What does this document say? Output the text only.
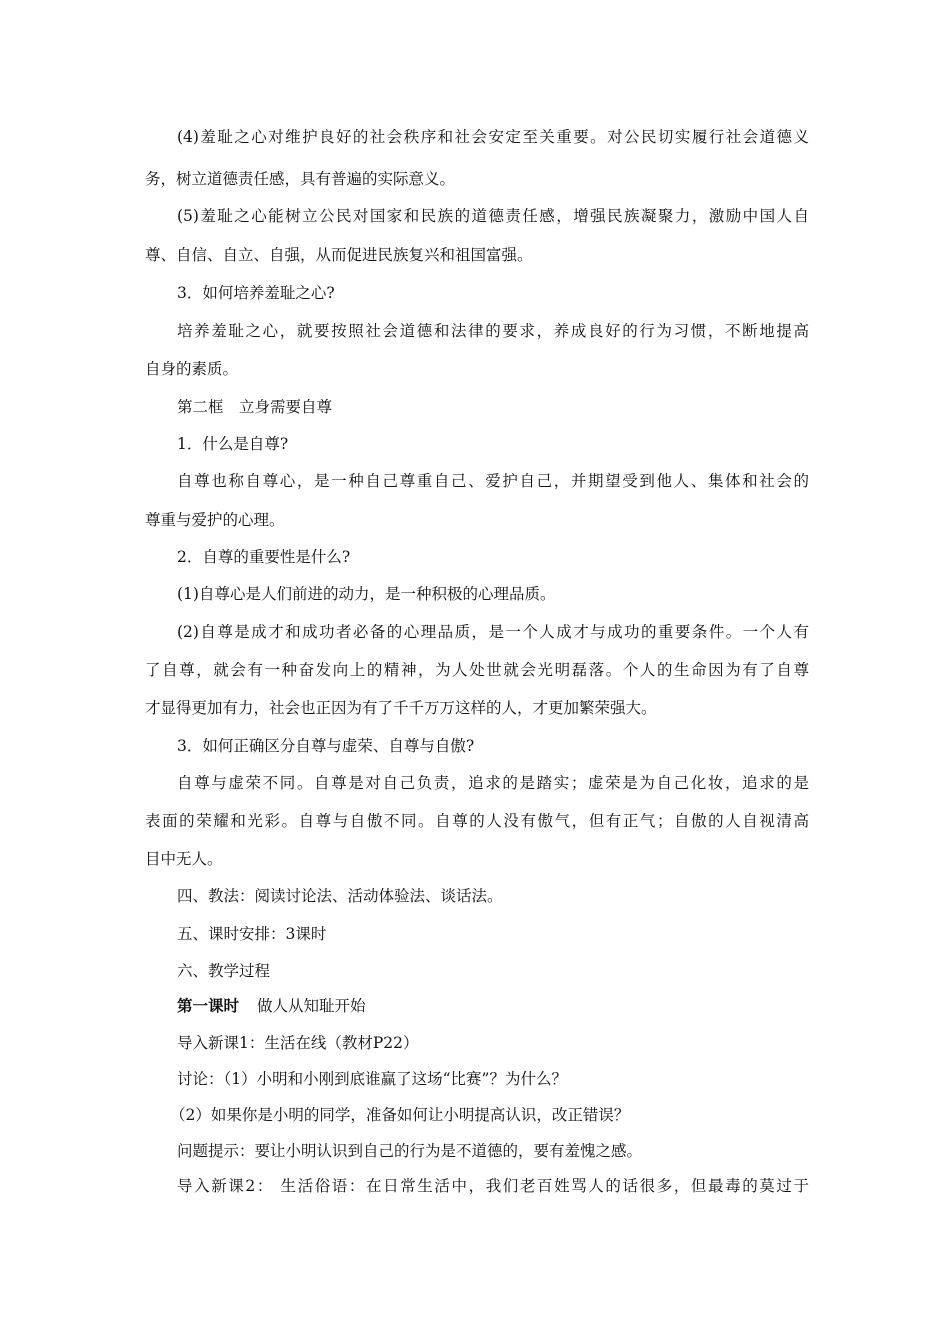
(4)羞耻之心对维护良好的社会秩序和社会安定至关重要。对公民切实履行社会道德义
务，树立道德责任感，具有普遍的实际意义。
(5)羞耻之心能树立公民对国家和民族的道德责任感，增强民族凝聚力，激励中国人自
尊、自信、自立、自强，从而促进民族复兴和祖国富强。
3．如何培养羞耻之心?
培养羞耻之心，就要按照社会道德和法律的要求，养成良好的行为习惯，不断地提高
自身的素质。
第二框　立身需要自尊
1．什么是自尊?
自尊也称自尊心，是一种自己尊重自己、爱护自己，并期望受到他人、集体和社会的
尊重与爱护的心理。
2．自尊的重要性是什么?
(1)自尊心是人们前进的动力，是一种积极的心理品质。
(2)自尊是成才和成功者必备的心理品质，是一个人成才与成功的重要条件。一个人有
了自尊，就会有一种奋发向上的精神，为人处世就会光明磊落。个人的生命因为有了自尊
才显得更加有力，社会也正因为有了千千万万这样的人，才更加繁荣强大。
3．如何正确区分自尊与虚荣、自尊与自傲?
自尊与虚荣不同。自尊是对自己负责，追求的是踏实；虚荣是为自己化妆，追求的是
表面的荣耀和光彩。自尊与自傲不同。自尊的人没有傲气，但有正气；自傲的人自视清高
目中无人。
四、教法：阅读讨论法、活动体验法、谈话法。
五、课时安排：3课时
六、教学过程
第一课时 做人从知耻开始
导入新课1：生活在线（教材P22）
讨论：（1）小明和小刚到底谁赢了这场“比赛”？为什么？
（2）如果你是小明的同学，准备如何让小明提高认识，改正错误？
问题提示：要让小明认识到自己的行为是不道德的，要有羞愧之感。
导入新课2： 生活俗语：在日常生活中，我们老百姓骂人的话很多，但最毒的莫过于
